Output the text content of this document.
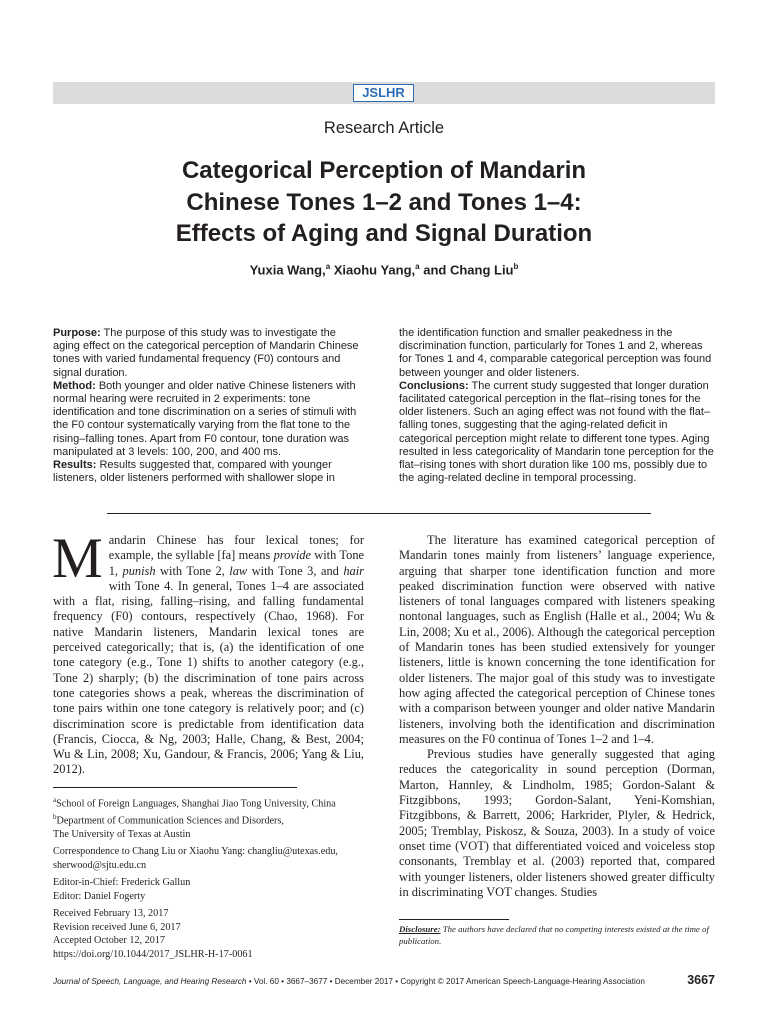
JSLHR
Research Article
Categorical Perception of Mandarin
Chinese Tones 1–2 and Tones 1–4:
Effects of Aging and Signal Duration
Yuxia Wang,$^a$ Xiaohu Yang,$^a$ and Chang Liu$^b$
Purpose: The purpose of this study was to investigate the aging effect on the categorical perception of Mandarin Chinese tones with varied fundamental frequency (F0) contours and signal duration.
Method: Both younger and older native Chinese listeners with normal hearing were recruited in 2 experiments: tone identification and tone discrimination on a series of stimuli with the F0 contour systematically varying from the flat tone to the rising–falling tones. Apart from F0 contour, tone duration was manipulated at 3 levels: 100, 200, and 400 ms.
Results: Results suggested that, compared with younger listeners, older listeners performed with shallower slope in
the identification function and smaller peakedness in the discrimination function, particularly for Tones 1 and 2, whereas for Tones 1 and 4, comparable categorical perception was found between younger and older listeners.
Conclusions: The current study suggested that longer duration facilitated categorical perception in the flat–rising tones for the older listeners. Such an aging effect was not found with the flat–falling tones, suggesting that the aging-related deficit in categorical perception might relate to different tone types. Aging resulted in less categoricality of Mandarin tone perception for the flat–rising tones with short duration like 100 ms, possibly due to the aging-related decline in temporal processing.

Mandarin Chinese has four lexical tones; for example, the syllable [fa] means provide with Tone 1, punish with Tone 2, law with Tone 3, and hair with Tone 4. In general, Tones 1–4 are associated with a flat, rising, falling–rising, and falling fundamental frequency (F0) contours, respectively (Chao, 1968). For native Mandarin listeners, Mandarin lexical tones are perceived categorically; that is, (a) the identification of one tone category (e.g., Tone 1) shifts to another category (e.g., Tone 2) sharply; (b) the discrimination of tone pairs across tone categories shows a peak, whereas the discrimination of tone pairs within one tone category is relatively poor; and (c) discrimination score is predictable from identification data (Francis, Ciocca, & Ng, 2003; Halle, Chang, & Best, 2004; Wu & Lin, 2008; Xu, Gandour, & Francis, 2006; Yang & Liu, 2012).

The literature has examined categorical perception of Mandarin tones mainly from listeners’ language experience, arguing that sharper tone identification function and more peaked discrimination function were observed with native listeners of tonal languages compared with listeners speaking nontonal languages, such as English (Halle et al., 2004; Wu & Lin, 2008; Xu et al., 2006). Although the categorical perception of Mandarin tones has been studied extensively for younger listeners, little is known concerning the tone identification for older listeners. The major goal of this study was to investigate how aging affected the categorical perception of Chinese tones with a comparison between younger and older native Mandarin listeners, involving both the identification and discrimination measures on the F0 continua of Tones 1–2 and 1–4.

Previous studies have generally suggested that aging reduces the categoricality in sound perception (Dorman, Marton, Hannley, & Lindholm, 1985; Gordon-Salant & Fitzgibbons, 1993; Gordon-Salant, Yeni-Komshian, Fitzgibbons, & Barrett, 2006; Harkrider, Plyler, & Hedrick, 2005; Tremblay, Piskosz, & Souza, 2003). In a study of voice onset time (VOT) that differentiated voiced and voiceless stop consonants, Tremblay et al. (2003) reported that, compared with younger listeners, older listeners showed greater difficulty in discriminating VOT changes. Studies

$^a$School of Foreign Languages, Shanghai Jiao Tong University, China
$^b$Department of Communication Sciences and Disorders,
The University of Texas at Austin
Correspondence to Chang Liu or Xiaohu Yang: changliu@utexas.edu,
sherwood@sjtu.edu.cn
Editor-in-Chief: Frederick Gallun
Editor: Daniel Fogerty
Received February 13, 2017
Revision received June 6, 2017
Accepted October 12, 2017
https://doi.org/10.1044/2017_JSLHR-H-17-0061
Disclosure: The authors have declared that no competing interests existed at the time of publication.
Journal of Speech, Language, and Hearing Research • Vol. 60 • 3667–3677 • December 2017 • Copyright © 2017 American Speech-Language-Hearing Association	3667
